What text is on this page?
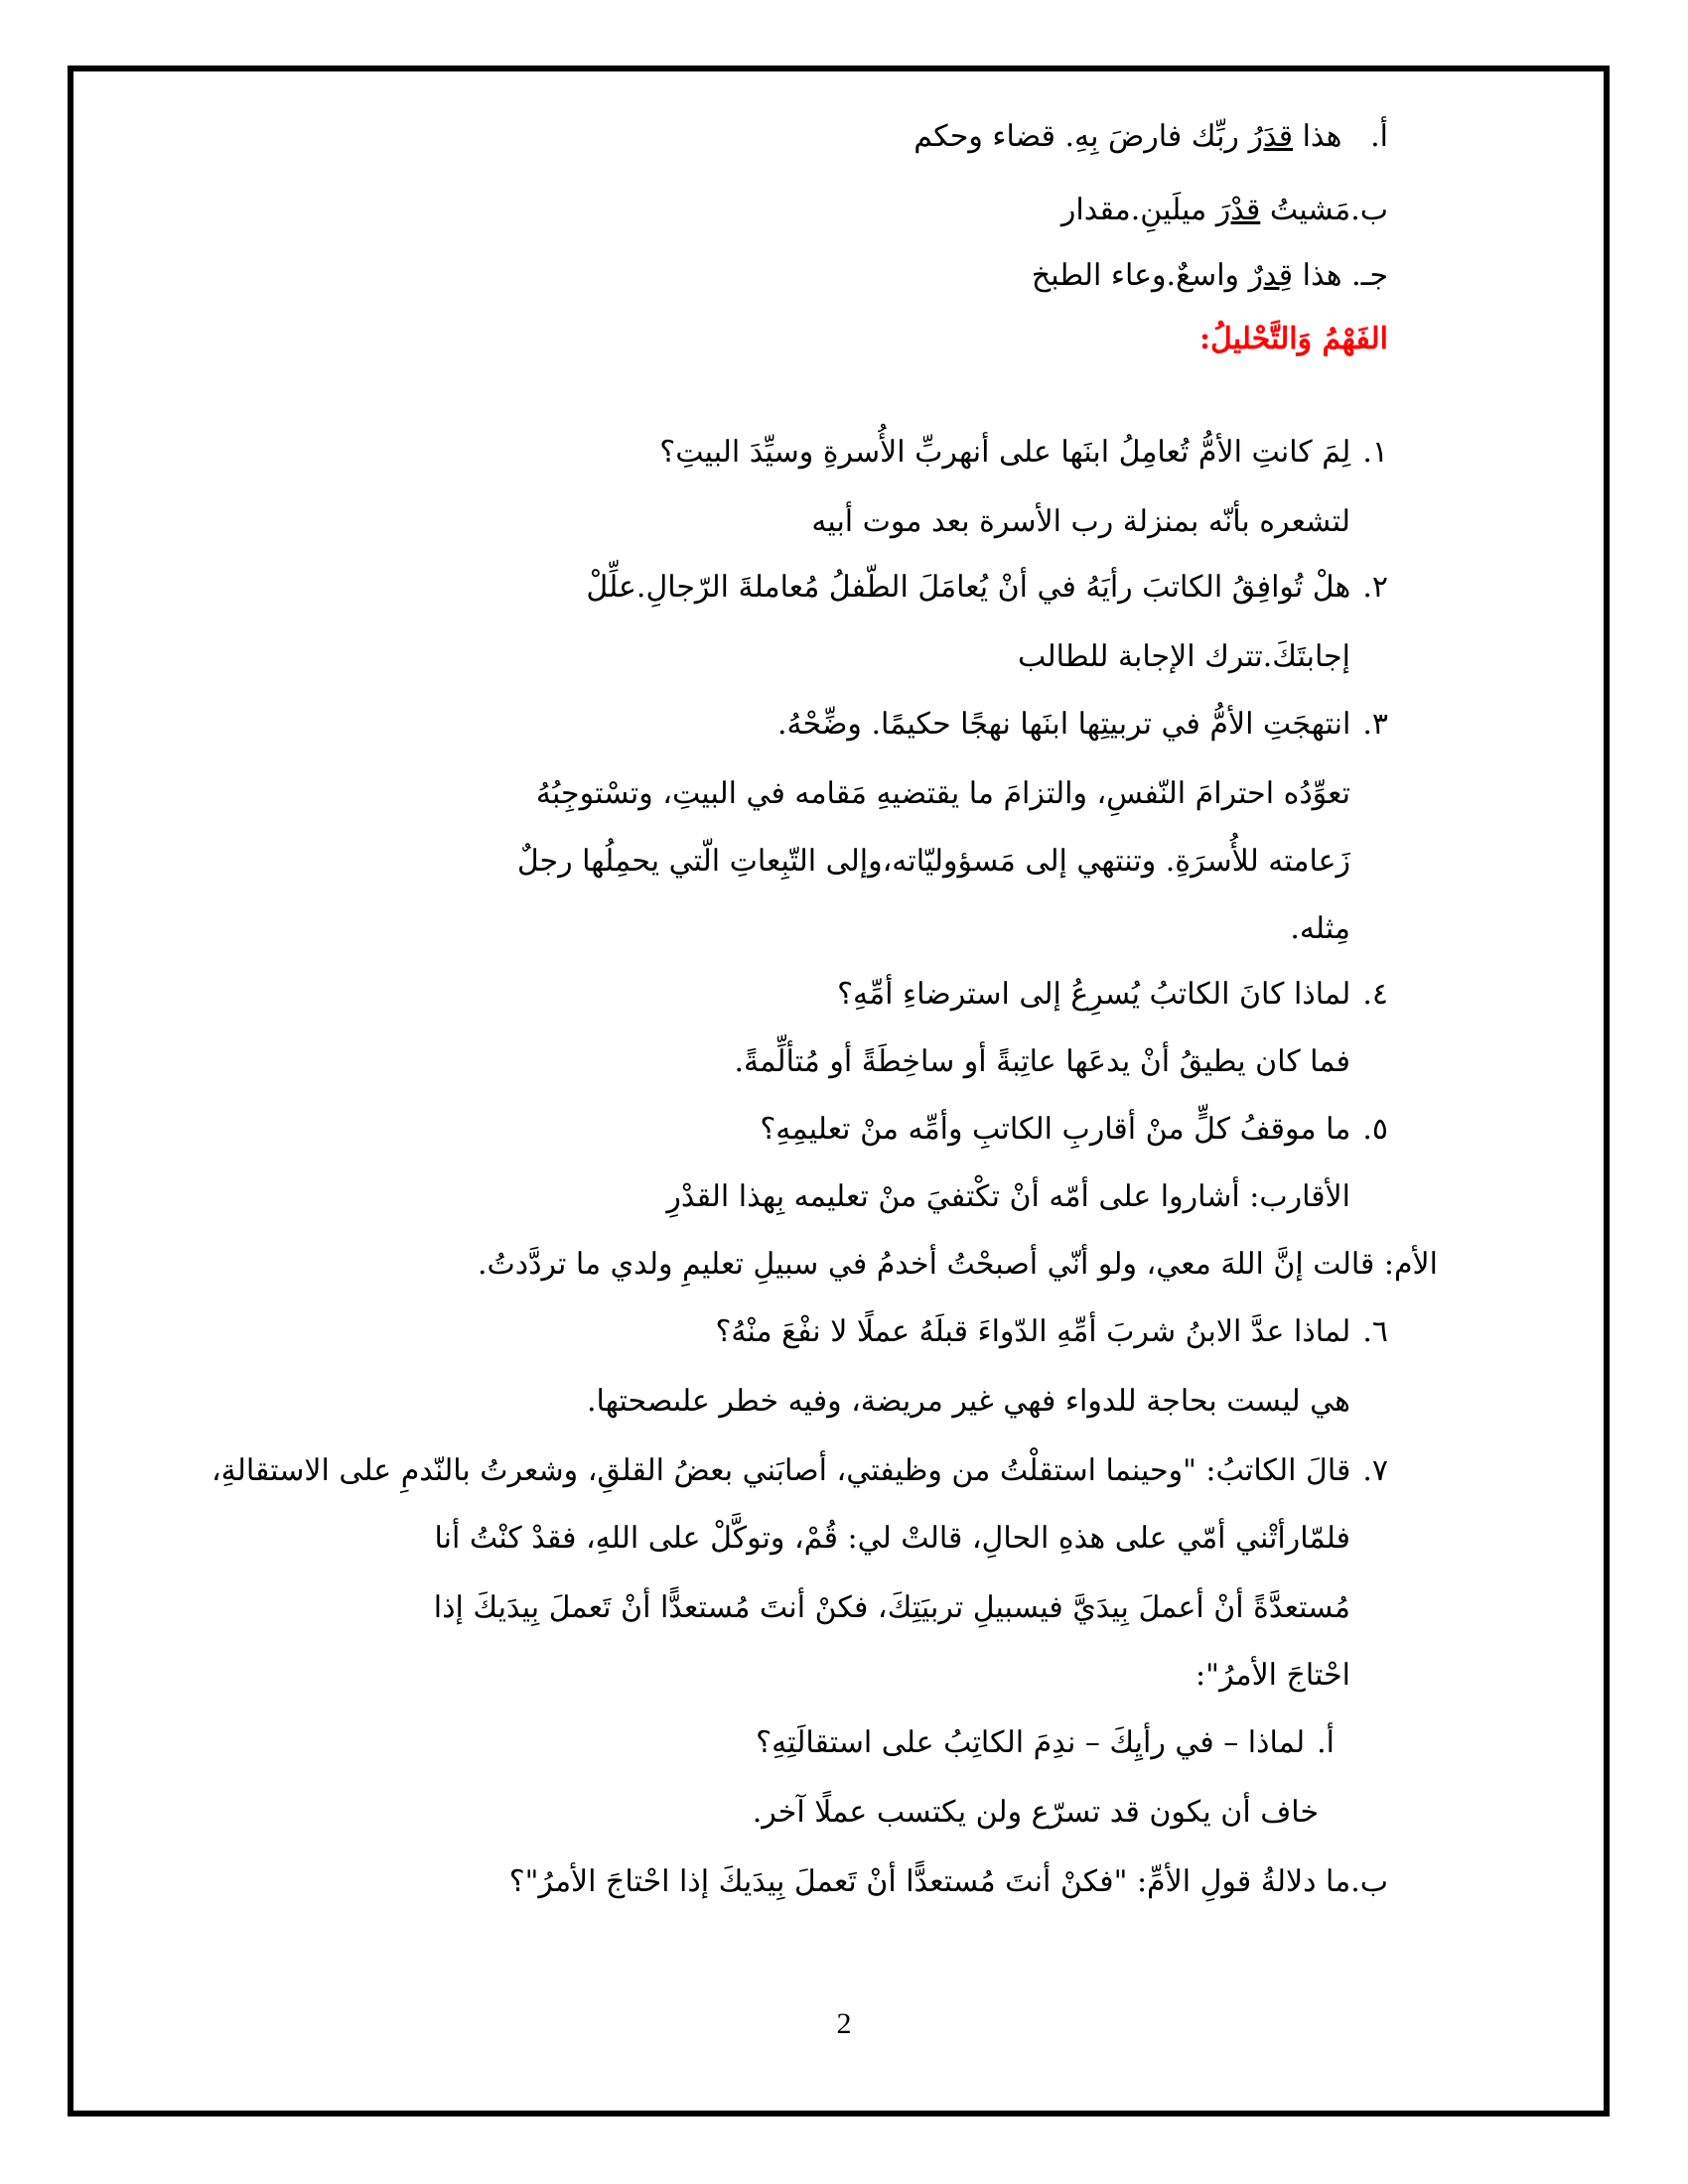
أ.   هذا قدَرُ ربِّك فارضَ بِهِ. قضاء وحكم
ب.مَشيتُ قدْرَ ميلَينِ.مقدار
جـ. هذا قِدرٌ واسعٌ.وعاء الطبخ
الفَهْمُ وَالتَّحْليلُ:
١.لِمَ كانتِ الأمُّ تُعامِلُ ابنَها على أنهربِّ الأُسرةِ وسيِّدَ البيتِ؟
لتشعره بأنّه بمنزلة رب الأسرة بعد موت أبيه
٢.هلْ تُوافِقُ الكاتبَ رأيَهُ في أنْ يُعامَلَ الطّفلُ مُعاملةَ الرّجالِ.علِّلْ
إجابتَكَ.تترك الإجابة للطالب
٣.انتهجَتِ الأمُّ في تربيتِها ابنَها نهجًا حكيمًا. وضِّحْهُ.
تعوِّدُه احترامَ النّفسِ، والتزامَ ما يقتضيهِ مَقامه في البيتِ، وتسْتوجِبُهُ
زَعامته للأُسرَةِ. وتنتهي إلى مَسؤوليّاته،وإلى التّبِعاتِ الّتي يحمِلُها رجلٌ
مِثله.
٤.لماذا كانَ الكاتبُ يُسرِعُ إلى استرضاءِ أمِّهِ؟
فما كان يطيقُ أنْ يدعَها عاتِبةً أو ساخِطَةً أو مُتألِّمةً.
٥.ما موقفُ كلٍّ منْ أقاربِ الكاتبِ وأمِّه منْ تعليمِهِ؟
الأقارب: أشاروا على أمّه أنْ تكْتفيَ منْ تعليمه بِهذا القدْرِ
الأم: قالت إنَّ اللهَ معي، ولو أنّي أصبحْتُ أخدمُ في سبيلِ تعليمِ ولدي ما تردَّدتُ.
٦.لماذا عدَّ الابنُ شربَ أمِّهِ الدّواءَ قبلَهُ عملًا لا نفْعَ منْهُ؟
هي ليست بحاجة للدواء فهي غير مريضة، وفيه خطر علىصحتها.
٧.قالَ الكاتبُ: "وحينما استقلْتُ من وظيفتي، أصابَني بعضُ القلقِ، وشعرتُ بالنّدمِ على الاستقالةِ،
فلمّارأتْني أمّي على هذهِ الحالِ، قالتْ لي: قُمْ، وتوكَّلْ على اللهِ، فقدْ كنْتُ أنا
مُستعدَّةً أنْ أعملَ بِيدَيَّ فيسبيلِ تربيَتِكَ، فكنْ أنتَ مُستعدًّا أنْ تَعملَ بِيدَيكَ إذا
احْتاجَ الأمرُ":
أ.لماذا – في رأيِكَ – ندِمَ الكاتِبُ على استقالَتِهِ؟
خاف أن يكون قد تسرّع ولن يكتسب عملًا آخر.
ب.ما دلالةُ قولِ الأمِّ: "فكنْ أنتَ مُستعدًّا أنْ تَعملَ بِيدَيكَ إذا احْتاجَ الأمرُ"؟
2
